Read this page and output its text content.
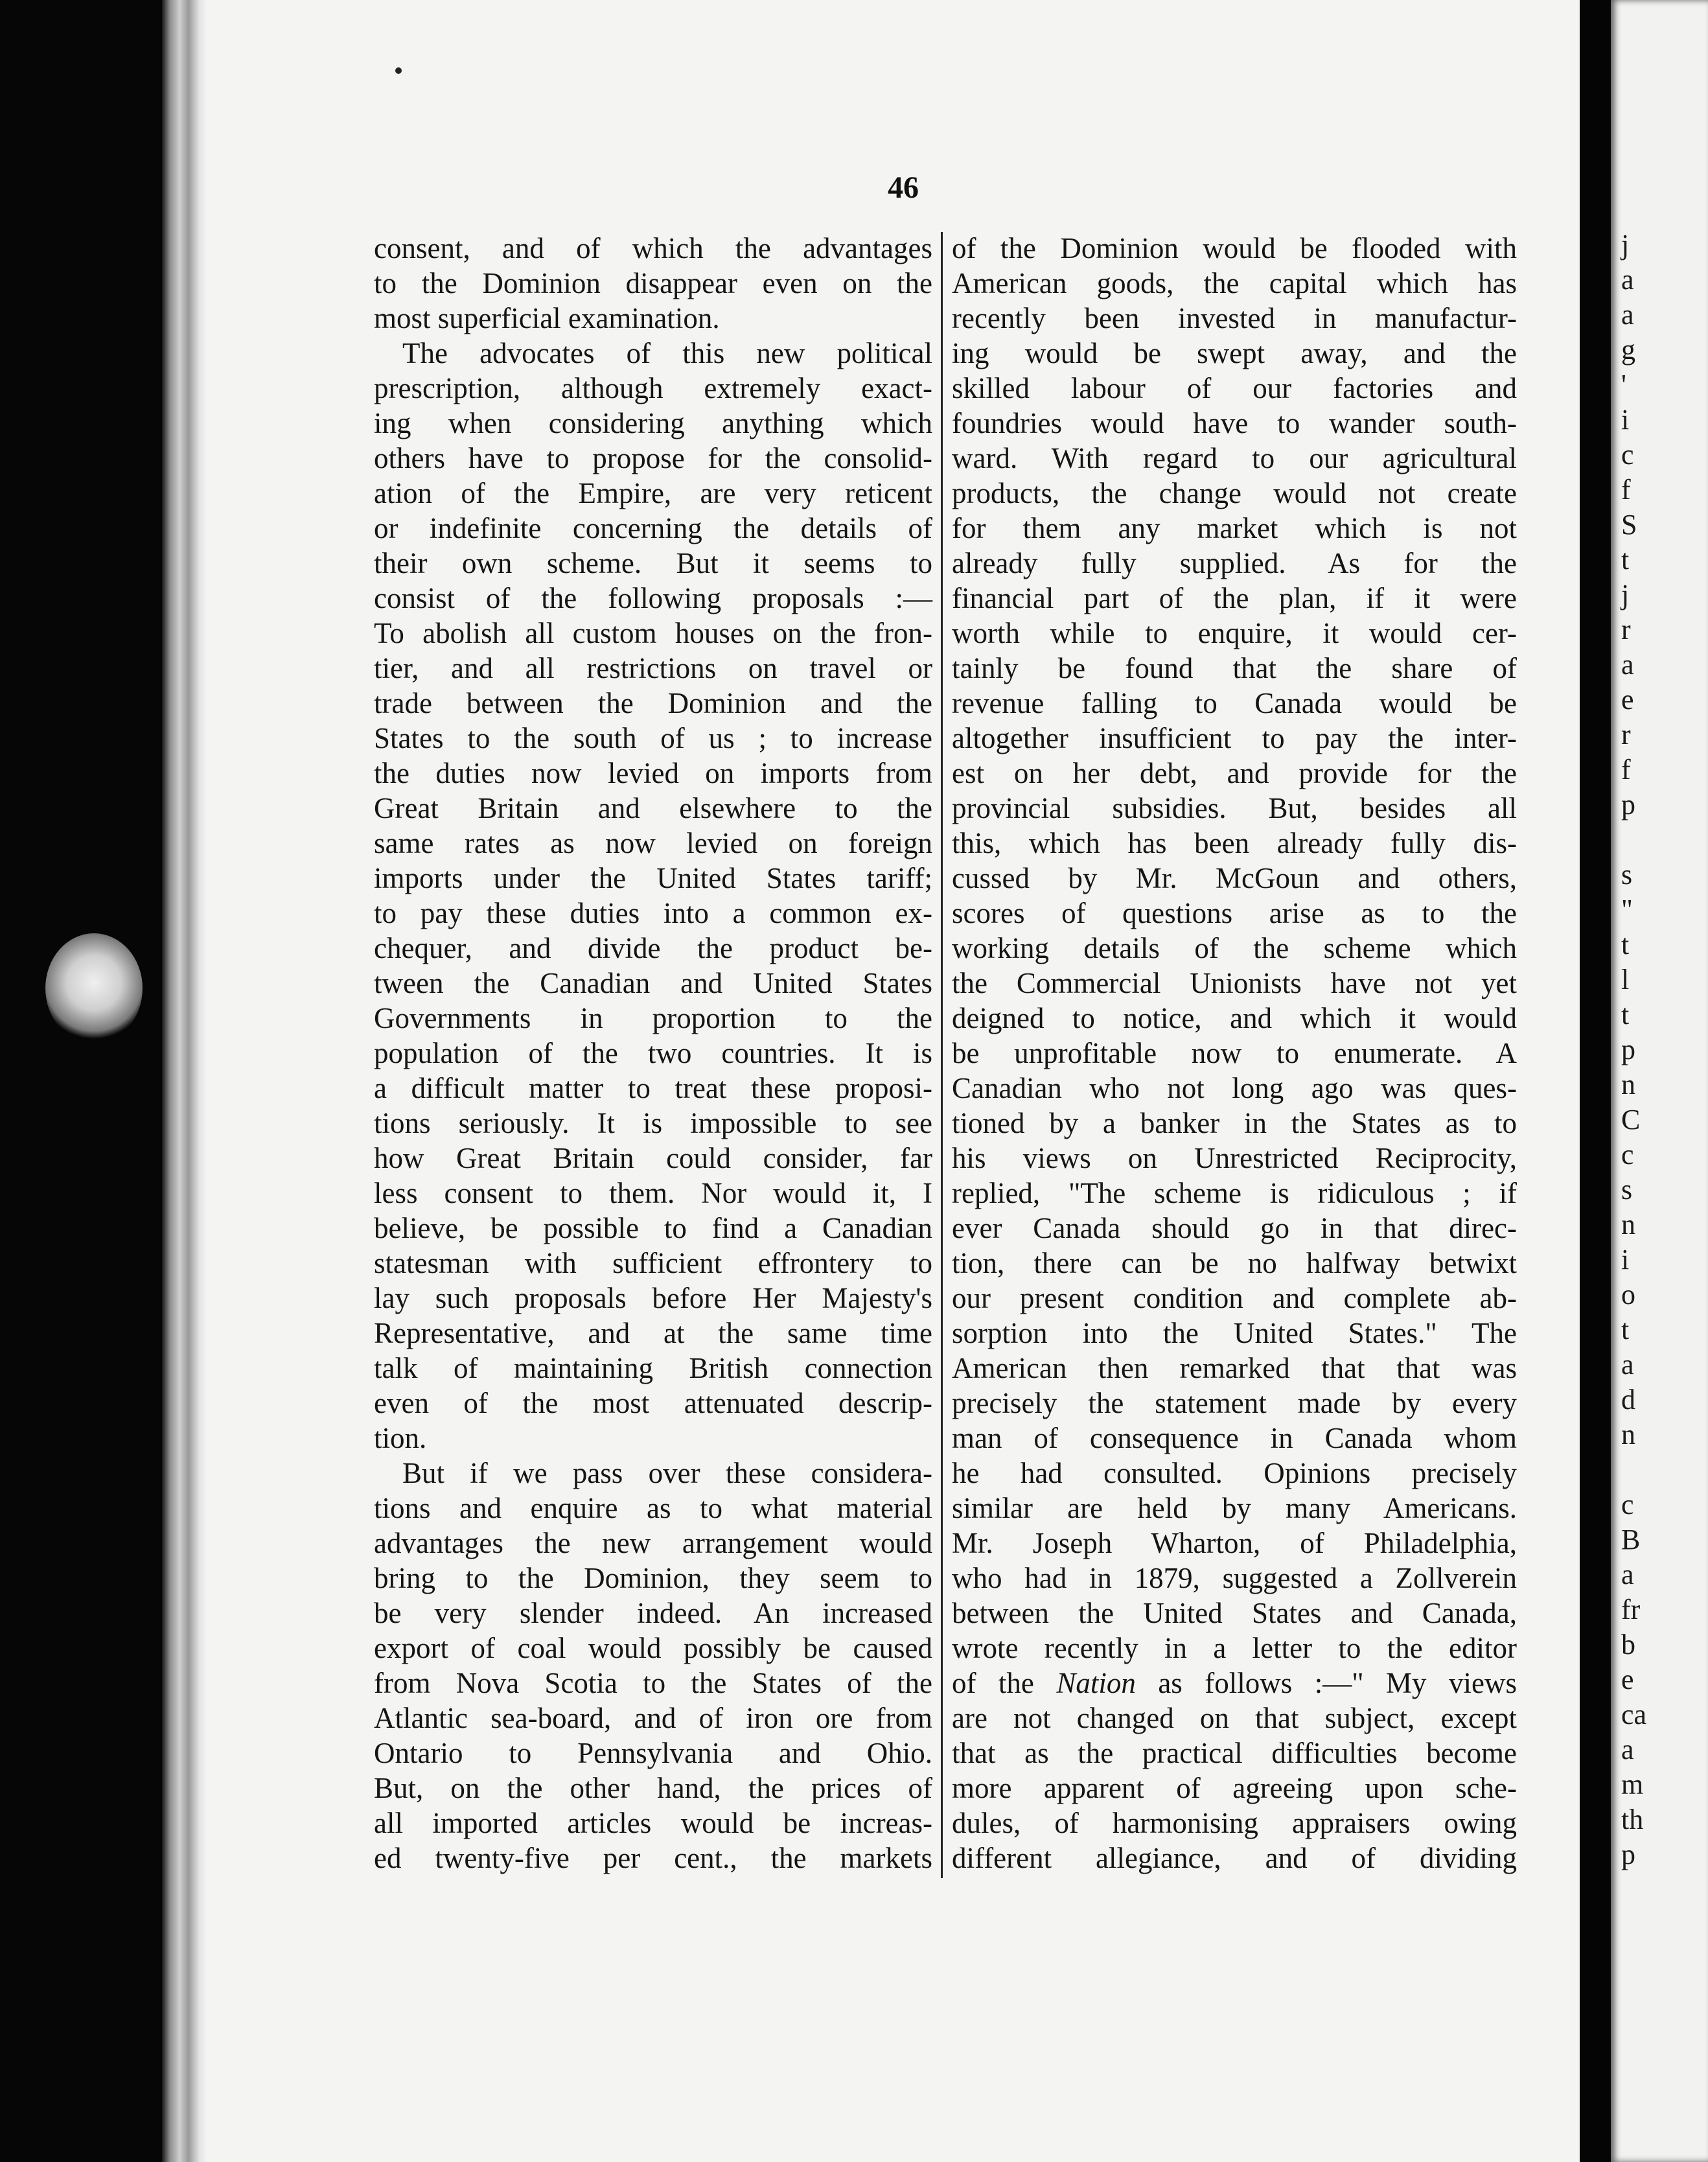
46
consent, and of which the advantages
to the Dominion disappear even on the
most superficial examination.
The advocates of this new political
prescription, although extremely exact-
ing when considering anything which
others have to propose for the consolid-
ation of the Empire, are very reticent
or indefinite concerning the details of
their own scheme. But it seems to
consist of the following proposals :—
To abolish all custom houses on the fron-
tier, and all restrictions on travel or
trade between the Dominion and the
States to the south of us ; to increase
the duties now levied on imports from
Great Britain and elsewhere to the
same rates as now levied on foreign
imports under the United States tariff;
to pay these duties into a common ex-
chequer, and divide the product be-
tween the Canadian and United States
Governments in proportion to the
population of the two countries. It is
a difficult matter to treat these proposi-
tions seriously. It is impossible to see
how Great Britain could consider, far
less consent to them. Nor would it, I
believe, be possible to find a Canadian
statesman with sufficient effrontery to
lay such proposals before Her Majesty's
Representative, and at the same time
talk of maintaining British connection
even of the most attenuated descrip-
tion.
But if we pass over these considera-
tions and enquire as to what material
advantages the new arrangement would
bring to the Dominion, they seem to
be very slender indeed. An increased
export of coal would possibly be caused
from Nova Scotia to the States of the
Atlantic sea-board, and of iron ore from
Ontario to Pennsylvania and Ohio.
But, on the other hand, the prices of
all imported articles would be increas-
ed twenty-five per cent., the markets
of the Dominion would be flooded with
American goods, the capital which has
recently been invested in manufactur-
ing would be swept away, and the
skilled labour of our factories and
foundries would have to wander south-
ward. With regard to our agricultural
products, the change would not create
for them any market which is not
already fully supplied. As for the
financial part of the plan, if it were
worth while to enquire, it would cer-
tainly be found that the share of
revenue falling to Canada would be
altogether insufficient to pay the inter-
est on her debt, and provide for the
provincial subsidies. But, besides all
this, which has been already fully dis-
cussed by Mr. McGoun and others,
scores of questions arise as to the
working details of the scheme which
the Commercial Unionists have not yet
deigned to notice, and which it would
be unprofitable now to enumerate. A
Canadian who not long ago was ques-
tioned by a banker in the States as to
his views on Unrestricted Reciprocity,
replied, "The scheme is ridiculous ; if
ever Canada should go in that direc-
tion, there can be no halfway betwixt
our present condition and complete ab-
sorption into the United States." The
American then remarked that that was
precisely the statement made by every
man of consequence in Canada whom
he had consulted. Opinions precisely
similar are held by many Americans.
Mr. Joseph Wharton, of Philadelphia,
who had in 1879, suggested a Zollverein
between the United States and Canada,
wrote recently in a letter to the editor
of the Nation as follows :—" My views
are not changed on that subject, except
that as the practical difficulties become
more apparent of agreeing upon sche-
dules, of harmonising appraisers owing
different allegiance, and of dividing
j
a
a
g
'
i
c
f
S
t
j
r
a
e
r
f
p
s
"
t
l
t
p
n
C
c
s
n
i
o
t
a
d
n
c
B
a
fr
b
e
ca
a
m
th
p
